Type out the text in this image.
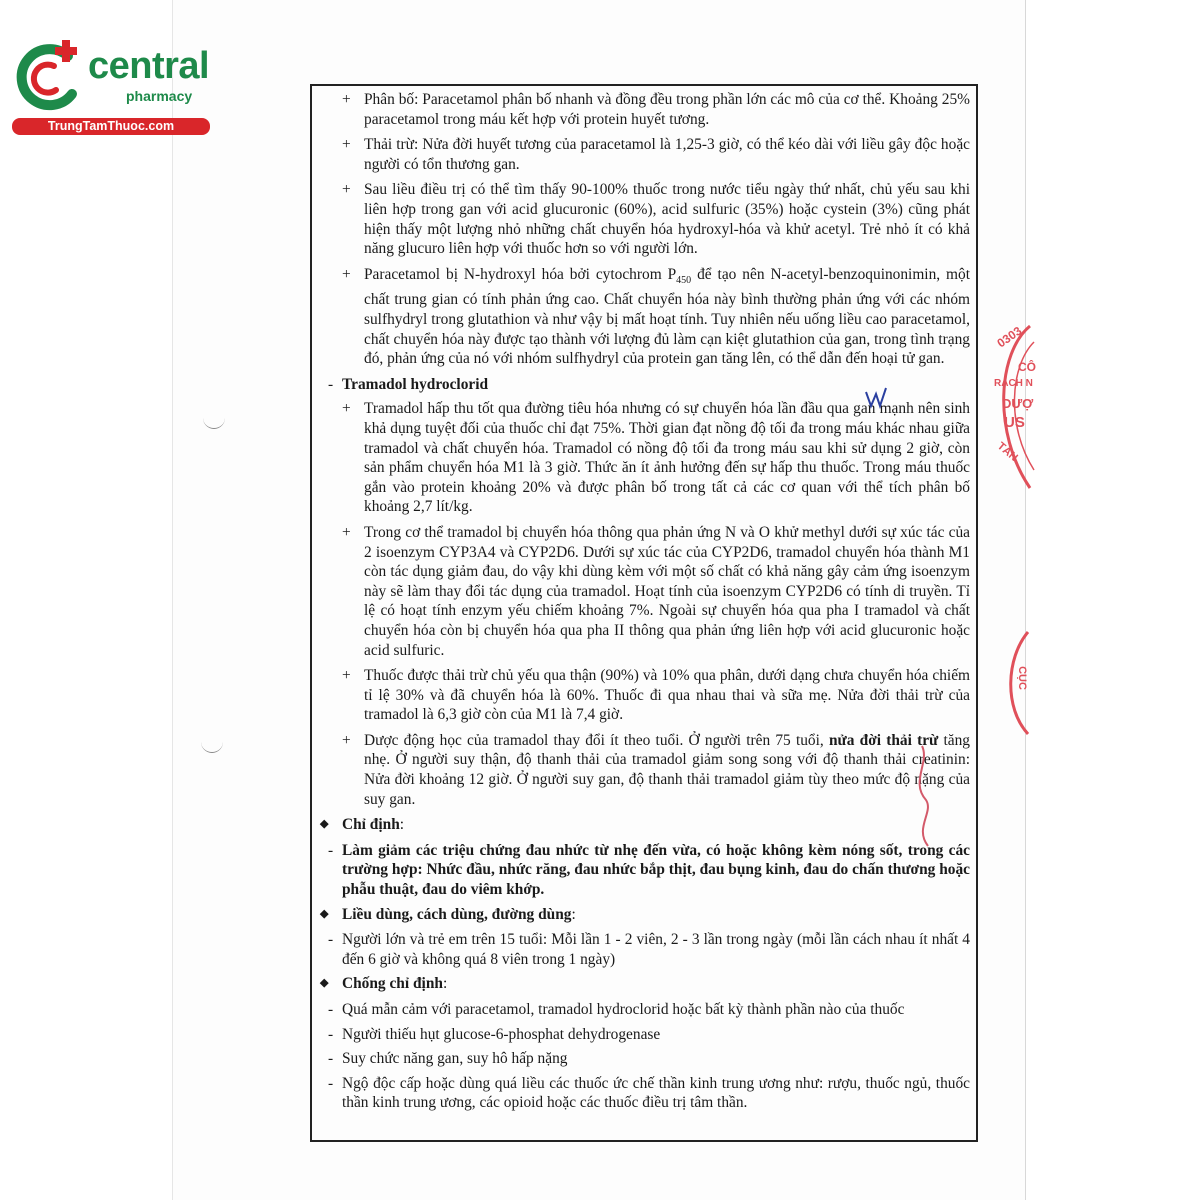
central
pharmacy
TrungTamThuoc.com
+ Phân bố: Paracetamol phân bố nhanh và đồng đều trong phần lớn các mô của cơ thể. Khoảng 25% paracetamol trong máu kết hợp với protein huyết tương.
+ Thải trừ: Nửa đời huyết tương của paracetamol là 1,25-3 giờ, có thể kéo dài với liều gây độc hoặc người có tổn thương gan.
+ Sau liều điều trị có thể tìm thấy 90-100% thuốc trong nước tiểu ngày thứ nhất, chủ yếu sau khi liên hợp trong gan với acid glucuronic (60%), acid sulfuric (35%) hoặc cystein (3%) cũng phát hiện thấy một lượng nhỏ những chất chuyển hóa hydroxyl-hóa và khử acetyl. Trẻ nhỏ ít có khả năng glucuro liên hợp với thuốc hơn so với người lớn.
+ Paracetamol bị N-hydroxyl hóa bởi cytochrom $P_{450}$ để tạo nên N-acetyl-benzoquinonimin, một chất trung gian có tính phản ứng cao. Chất chuyển hóa này bình thường phản ứng với các nhóm sulfhydryl trong glutathion và như vậy bị mất hoạt tính. Tuy nhiên nếu uống liều cao paracetamol, chất chuyển hóa này được tạo thành với lượng đủ làm cạn kiệt glutathion của gan, trong tình trạng đó, phản ứng của nó với nhóm sulfhydryl của protein gan tăng lên, có thể dẫn đến hoại tử gan.
- Tramadol hydroclorid
+ Tramadol hấp thu tốt qua đường tiêu hóa nhưng có sự chuyển hóa lần đầu qua gan mạnh nên sinh khả dụng tuyệt đối của thuốc chỉ đạt 75%. Thời gian đạt nồng độ tối đa trong máu khác nhau giữa tramadol và chất chuyển hóa. Tramadol có nồng độ tối đa trong máu sau khi sử dụng 2 giờ, còn sản phẩm chuyển hóa M1 là 3 giờ. Thức ăn ít ảnh hưởng đến sự hấp thu thuốc. Trong máu thuốc gắn vào protein khoảng 20% và được phân bố trong tất cả các cơ quan với thể tích phân bố khoảng 2,7 lít/kg.
+ Trong cơ thể tramadol bị chuyển hóa thông qua phản ứng N và O khử methyl dưới sự xúc tác của 2 isoenzym CYP3A4 và CYP2D6. Dưới sự xúc tác của CYP2D6, tramadol chuyển hóa thành M1 còn tác dụng giảm đau, do vậy khi dùng kèm với một số chất có khả năng gây cảm ứng isoenzym này sẽ làm thay đổi tác dụng của tramadol. Hoạt tính của isoenzym CYP2D6 có tính di truyền. Tỉ lệ có hoạt tính enzym yếu chiếm khoảng 7%. Ngoài sự chuyển hóa qua pha I tramadol và chất chuyển hóa còn bị chuyển hóa qua pha II thông qua phản ứng liên hợp với acid glucuronic hoặc acid sulfuric.
+ Thuốc được thải trừ chủ yếu qua thận (90%) và 10% qua phân, dưới dạng chưa chuyển hóa chiếm tỉ lệ 30% và đã chuyển hóa là 60%. Thuốc đi qua nhau thai và sữa mẹ. Nửa đời thải trừ của tramadol là 6,3 giờ còn của M1 là 7,4 giờ.
+ Dược động học của tramadol thay đổi ít theo tuổi. Ở người trên 75 tuổi, nửa đời thải trừ tăng nhẹ. Ở người suy thận, độ thanh thải của tramadol giảm song song với độ thanh thải creatinin: Nửa đời khoảng 12 giờ. Ở người suy gan, độ thanh thải tramadol giảm tùy theo mức độ nặng của suy gan.
◆ Chỉ định:
- Làm giảm các triệu chứng đau nhức từ nhẹ đến vừa, có hoặc không kèm nóng sốt, trong các trường hợp: Nhức đầu, nhức răng, đau nhức bắp thịt, đau bụng kinh, đau do chấn thương hoặc phẫu thuật, đau do viêm khớp.
◆ Liều dùng, cách dùng, đường dùng:
- Người lớn và trẻ em trên 15 tuổi: Mỗi lần 1 - 2 viên, 2 - 3 lần trong ngày (mỗi lần cách nhau ít nhất 4 đến 6 giờ và không quá 8 viên trong 1 ngày)
◆ Chống chỉ định:
- Quá mẫn cảm với paracetamol, tramadol hydroclorid hoặc bất kỳ thành phần nào của thuốc
- Người thiếu hụt glucose-6-phosphat dehydrogenase
- Suy chức năng gan, suy hô hấp nặng
- Ngộ độc cấp hoặc dùng quá liều các thuốc ức chế thần kinh trung ương như: rượu, thuốc ngủ, thuốc thần kinh trung ương, các opioid hoặc các thuốc điều trị tâm thần.
0303
CÔ
RÁCH N
DƯỢ
US
TÂN
CỤC
